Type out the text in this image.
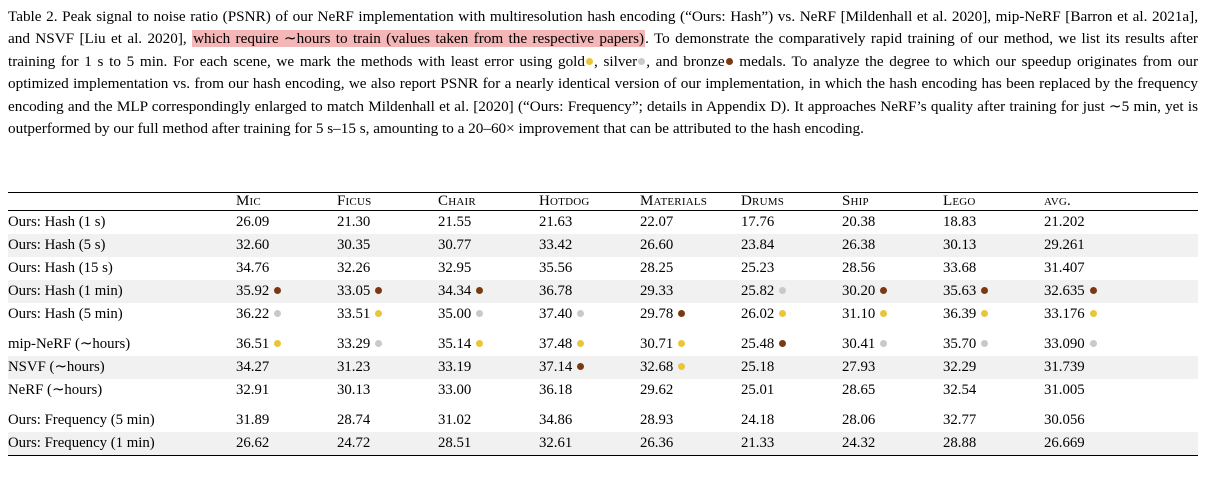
Table 2. Peak signal to noise ratio (PSNR) of our NeRF implementation with multiresolution hash encoding (“Ours: Hash”) vs. NeRF [Mildenhall et al. 2020], mip-NeRF [Barron et al. 2021a], and NSVF [Liu et al. 2020], which require ∼hours to train (values taken from the respective papers). To demonstrate the comparatively rapid training of our method, we list its results after training for 1 s to 5 min. For each scene, we mark the methods with least error using gold , silver , and bronze medals. To analyze the degree to which our speedup originates from our optimized implementation vs. from our hash encoding, we also report PSNR for a nearly identical version of our implementation, in which the hash encoding has been replaced by the frequency encoding and the MLP correspondingly enlarged to match Mildenhall et al. [2020] (“Ours: Frequency”; details in Appendix D). It approaches NeRF’s quality after training for just ∼5 min, yet is outperformed by our full method after training for 5 s–15 s, amounting to a 20–60× improvement that can be attributed to the hash encoding.
	Mic	Ficus	Chair	Hotdog	Materials	Drums	Ship	Lego	avg.
Ours: Hash (1 s)	26.09	21.30	21.55	21.63	22.07	17.76	20.38	18.83	21.202
Ours: Hash (5 s)	32.60	30.35	30.77	33.42	26.60	23.84	26.38	30.13	29.261
Ours: Hash (15 s)	34.76	32.26	32.95	35.56	28.25	25.23	28.56	33.68	31.407
Ours: Hash (1 min)	35.92	33.05	34.34	36.78	29.33	25.82	30.20	35.63	32.635
Ours: Hash (5 min)	36.22	33.51	35.00	37.40	29.78	26.02	31.10	36.39	33.176

mip-NeRF (∼hours)	36.51	33.29	35.14	37.48	30.71	25.48	30.41	35.70	33.090
NSVF (∼hours)	34.27	31.23	33.19	37.14	32.68	25.18	27.93	32.29	31.739
NeRF (∼hours)	32.91	30.13	33.00	36.18	29.62	25.01	28.65	32.54	31.005

Ours: Frequency (5 min)	31.89	28.74	31.02	34.86	28.93	24.18	28.06	32.77	30.056
Ours: Frequency (1 min)	26.62	24.72	28.51	32.61	26.36	21.33	24.32	28.88	26.669
